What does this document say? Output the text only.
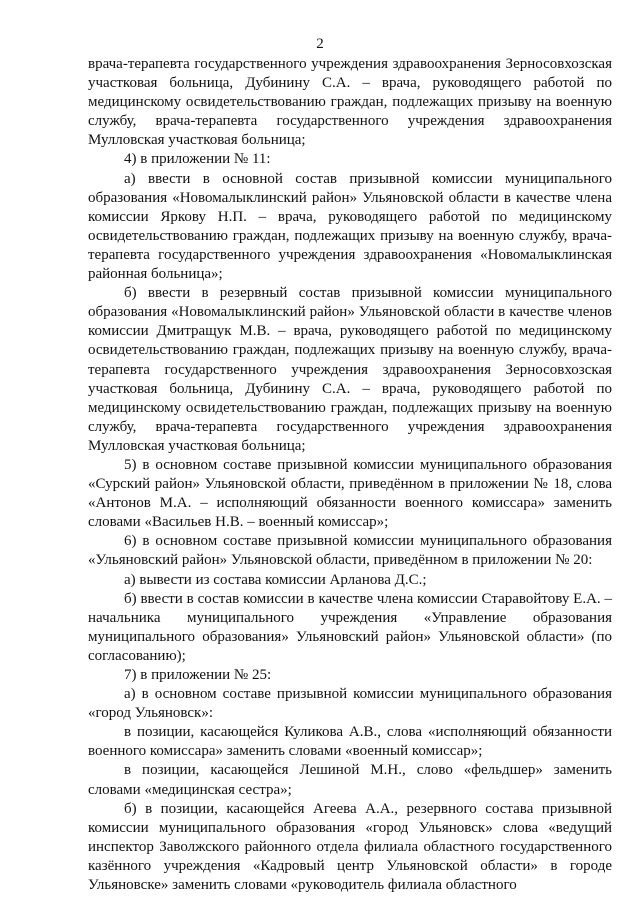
2

врача-терапевта государственного учреждения здравоохранения Зерносовхозская участковая больница, Дубинину С.А. – врача, руководящего работой по медицинскому освидетельствованию граждан, подлежащих призыву на военную службу, врача-терапевта государственного учреждения здравоохранения Мулловская участковая больница;

4) в приложении № 11:

а) ввести в основной состав призывной комиссии муниципального образования «Новомалыклинский район» Ульяновской области в качестве члена комиссии Яркову Н.П. – врача, руководящего работой по медицинскому освидетельствованию граждан, подлежащих призыву на военную службу, врача-терапевта государственного учреждения здравоохранения «Новомалыклинская районная больница»;

б) ввести в резервный состав призывной комиссии муниципального образования «Новомалыклинский район» Ульяновской области в качестве членов комиссии Дмитращук М.В. – врача, руководящего работой по медицинскому освидетельствованию граждан, подлежащих призыву на военную службу, врача-терапевта государственного учреждения здравоохранения Зерносовхозская участковая больница, Дубинину С.А. – врача, руководящего работой по медицинскому освидетельствованию граждан, подлежащих призыву на военную службу, врача-терапевта государственного учреждения здравоохранения Мулловская участковая больница;

5) в основном составе призывной комиссии муниципального образования «Сурский район» Ульяновской области, приведённом в приложении № 18, слова «Антонов М.А. – исполняющий обязанности военного комиссара» заменить словами «Васильев Н.В. – военный комиссар»;

6) в основном составе призывной комиссии муниципального образования «Ульяновский район» Ульяновской области, приведённом в приложении № 20:

а) вывести из состава комиссии Арланова Д.С.;

б) ввести в состав комиссии в качестве члена комиссии Старавойтову Е.А. – начальника муниципального учреждения «Управление образования муниципального образования» Ульяновский район» Ульяновской области» (по согласованию);

7) в приложении № 25:

а) в основном составе призывной комиссии муниципального образования «город Ульяновск»:

в позиции, касающейся Куликова А.В., слова «исполняющий обязанности военного комиссара» заменить словами «военный комиссар»;

в позиции, касающейся Лешиной М.Н., слово «фельдшер» заменить словами «медицинская сестра»;

б) в позиции, касающейся Агеева А.А., резервного состава призывной комиссии муниципального образования «город Ульяновск» слова «ведущий инспектор Заволжского районного отдела филиала областного государственного казённого учреждения «Кадровый центр Ульяновской области» в городе Ульяновске» заменить словами «руководитель филиала областного
